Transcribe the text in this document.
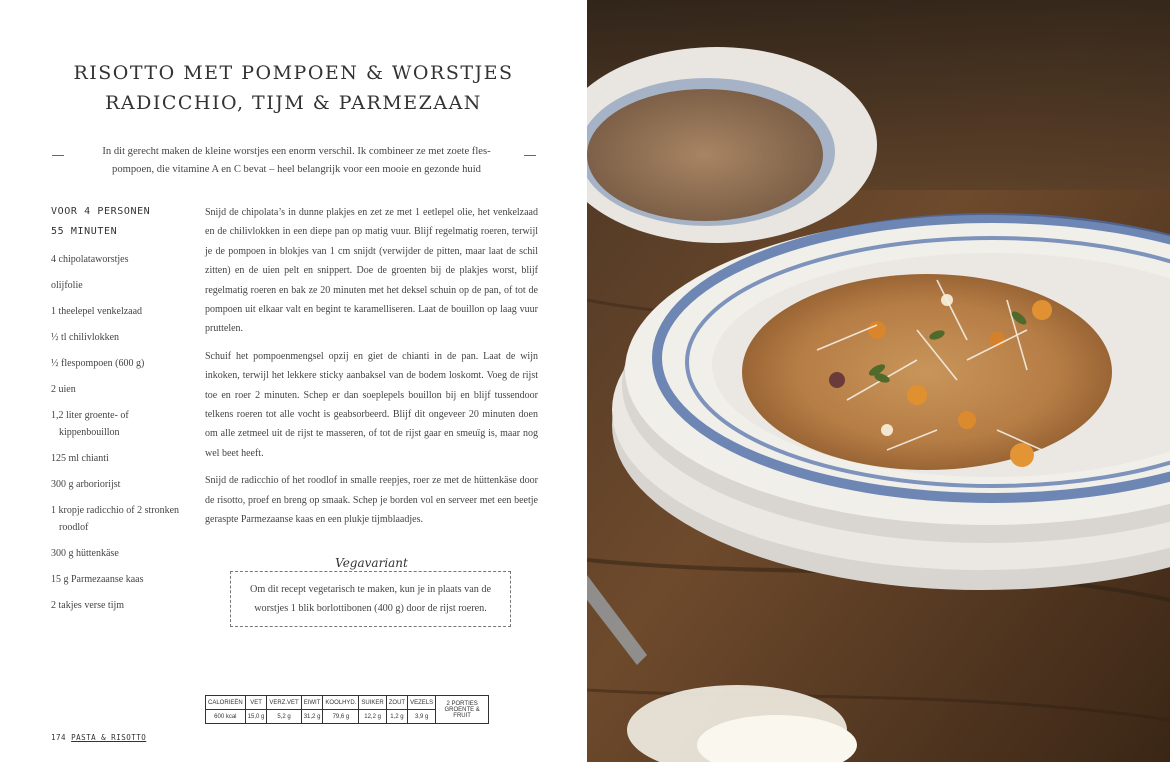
RISOTTO MET POMPOEN & WORSTJES
RADICCHIO, TIJM & PARMEZAAN
In dit gerecht maken de kleine worstjes een enorm verschil. Ik combineer ze met zoete fles-
pompoen, die vitamine A en C bevat – heel belangrijk voor een mooie en gezonde huid
VOOR 4 PERSONEN
55 MINUTEN
4 chipolataworstjes
olijfolie
1 theelepel venkelzaad
½ tl chilivlokken
½ flespompoen (600 g)
2 uien
1,2 liter groente- of kippenbouillon
125 ml chianti
300 g arboriorijst
1 kropje radicchio of 2 stronken roodlof
300 g hüttenkäse
15 g Parmezaanse kaas
2 takjes verse tijm

Snijd de chipolata’s in dunne plakjes en zet ze met 1 eetlepel olie, het venkelzaad en de chilivlokken in een diepe pan op matig vuur. Blijf regelmatig roeren, terwijl je de pompoen in blokjes van 1 cm snijdt (verwijder de pitten, maar laat de schil zitten) en de uien pelt en snippert. Doe de groenten bij de plakjes worst, blijf regelmatig roeren en bak ze 20 minuten met het deksel schuin op de pan, of tot de pompoen uit elkaar valt en begint te karamelliseren. Laat de bouillon op laag vuur pruttelen.

Schuif het pompoenmengsel opzij en giet de chianti in de pan. Laat de wijn inkoken, terwijl het lekkere sticky aanbaksel van de bodem loskomt. Voeg de rijst toe en roer 2 minuten. Schep er dan soeplepels bouillon bij en blijf tussendoor telkens roeren tot alle vocht is geabsorbeerd. Blijf dit ongeveer 20 minuten doen om alle zetmeel uit de rijst te masseren, of tot de rijst gaar en smeuïg is, maar nog wel beet heeft.

Snijd de radicchio of het roodlof in smalle reepjes, roer ze met de hüttenkäse door de risotto, proef en breng op smaak. Schep je borden vol en serveer met een beetje geraspte Parmezaanse kaas en een plukje tijmblaadjes.

Vegavariant
Om dit recept vegetarisch te maken, kun je in plaats van de
worstjes 1 blik borlottibonen (400 g) door de rijst roeren.
CALORIEËN	VET	VERZ.VET	EIWIT	KOOLHYD.	SUIKER	ZOUT	VEZELS	2 PORTIES
GROENTE & FRUIT

600 kcal	15,0 g	5,2 g	31,2 g	79,6 g	12,2 g	1,2 g	3,9 g	
174 PASTA & RISOTTO
